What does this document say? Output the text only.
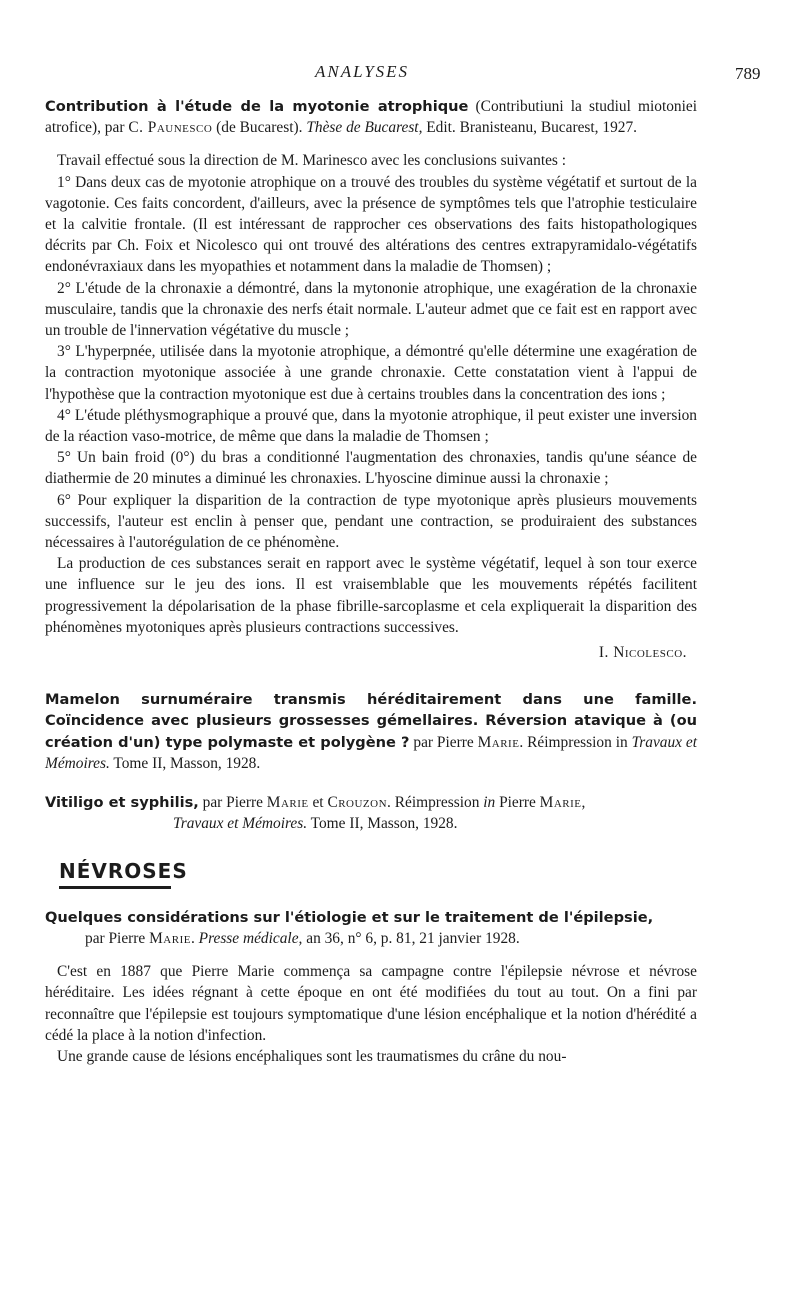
ANALYSES	789

Contribution à l'étude de la myotonie atrophique (Contributiuni la studiul miotoniei atrofice), par C. Paunesco (de Bucarest). Thèse de Bucarest, Edit. Branisteanu, Bucarest, 1927.

Travail effectué sous la direction de M. Marinesco avec les conclusions suivantes :

1° Dans deux cas de myotonie atrophique on a trouvé des troubles du système végétatif et surtout de la vagotonie. Ces faits concordent, d'ailleurs, avec la présence de symptômes tels que l'atrophie testiculaire et la calvitie frontale. (Il est intéressant de rapprocher ces observations des faits histopathologiques décrits par Ch. Foix et Nicolesco qui ont trouvé des altérations des centres extrapyramidalo-végétatifs endonévraxiaux dans les myopathies et notamment dans la maladie de Thomsen) ;

2° L'étude de la chronaxie a démontré, dans la mytononie atrophique, une exagération de la chronaxie musculaire, tandis que la chronaxie des nerfs était normale. L'auteur admet que ce fait est en rapport avec un trouble de l'innervation végétative du muscle ;

3° L'hyperpnée, utilisée dans la myotonie atrophique, a démontré qu'elle détermine une exagération de la contraction myotonique associée à une grande chronaxie. Cette constatation vient à l'appui de l'hypothèse que la contraction myotonique est due à certains troubles dans la concentration des ions ;

4° L'étude pléthysmographique a prouvé que, dans la myotonie atrophique, il peut exister une inversion de la réaction vaso-motrice, de même que dans la maladie de Thomsen ;

5° Un bain froid (0°) du bras a conditionné l'augmentation des chronaxies, tandis qu'une séance de diathermie de 20 minutes a diminué les chronaxies. L'hyoscine diminue aussi la chronaxie ;

6° Pour expliquer la disparition de la contraction de type myotonique après plusieurs mouvements successifs, l'auteur est enclin à penser que, pendant une contraction, se produiraient des substances nécessaires à l'autorégulation de ce phénomène.

La production de ces substances serait en rapport avec le système végétatif, lequel à son tour exerce une influence sur le jeu des ions. Il est vraisemblable que les mouvements répétés facilitent progressivement la dépolarisation de la phase fibrille-sarcoplasme et cela expliquerait la disparition des phénomènes myotoniques après plusieurs contractions successives.

I. Nicolesco.

Mamelon surnuméraire transmis héréditairement dans une famille. Coïncidence avec plusieurs grossesses gémellaires. Réversion atavique à (ou création d'un) type polymaste et polygène ? par Pierre Marie. Réimpression in Travaux et Mémoires. Tome II, Masson, 1928.

Vitiligo et syphilis, par Pierre Marie et Crouzon. Réimpression in Pierre Marie,
Travaux et Mémoires. Tome II, Masson, 1928.

NÉVROSES

Quelques considérations sur l'étiologie et sur le traitement de l'épilepsie,
par Pierre Marie. Presse médicale, an 36, n° 6, p. 81, 21 janvier 1928.

C'est en 1887 que Pierre Marie commença sa campagne contre l'épilepsie névrose et névrose héréditaire. Les idées régnant à cette époque en ont été modifiées du tout au tout. On a fini par reconnaître que l'épilepsie est toujours symptomatique d'une lésion encéphalique et la notion d'hérédité a cédé la place à la notion d'infection.

Une grande cause de lésions encéphaliques sont les traumatismes du crâne du nou-
